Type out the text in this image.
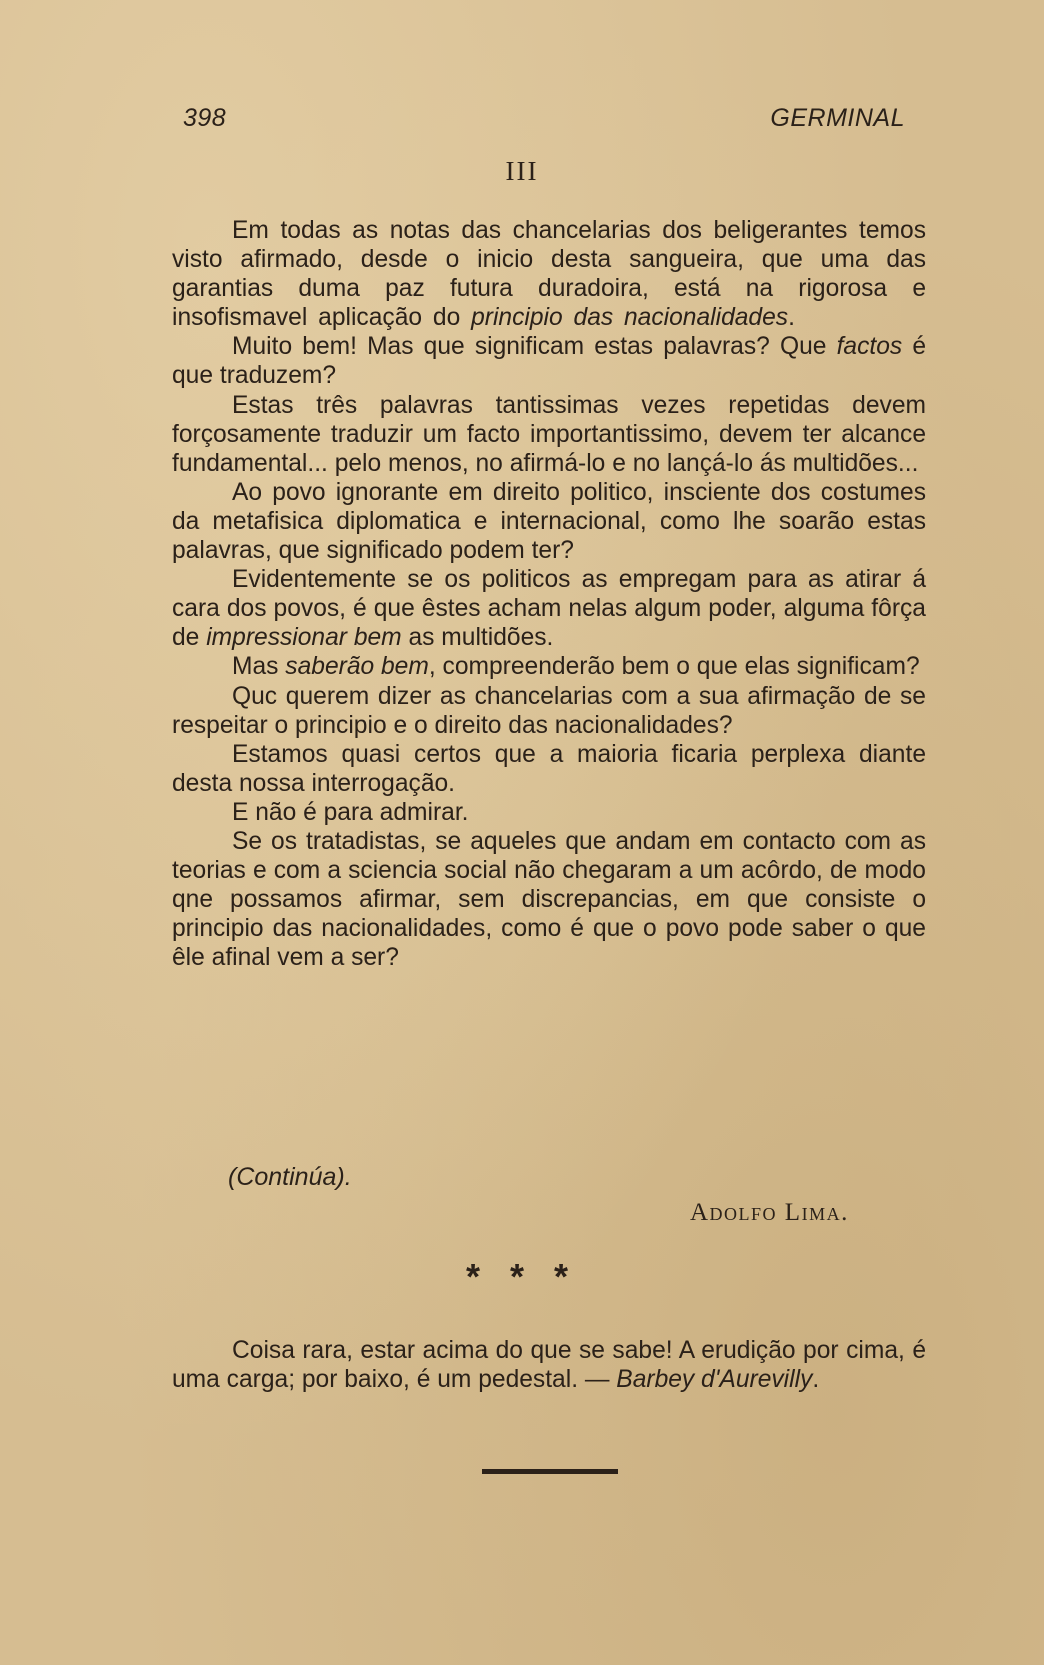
398	GERMINAL
III

Em todas as notas das chancelarias dos beligerantes temos visto afirmado, desde o inicio desta sangueira, que uma das garantias duma paz futura duradoira, está na rigorosa e insofismavel aplicação do principio das nacionalidades.

Muito bem! Mas que significam estas palavras? Que factos é que traduzem?

Estas três palavras tantissimas vezes repetidas devem forçosamente traduzir um facto importantissimo, devem ter alcance fundamental... pelo menos, no afirmá-lo e no lançá-lo ás multidões...

Ao povo ignorante em direito politico, insciente dos costumes da metafisica diplomatica e internacional, como lhe soarão estas palavras, que significado podem ter?

Evidentemente se os politicos as empregam para as atirar á cara dos povos, é que êstes acham nelas algum poder, alguma fôrça de impressionar bem as multidões.

Mas saberão bem, compreenderão bem o que elas significam?

Quc querem dizer as chancelarias com a sua afirmação de se respeitar o principio e o direito das nacionalidades?

Estamos quasi certos que a maioria ficaria perplexa diante desta nossa interrogação.

E não é para admirar.

Se os tratadistas, se aqueles que andam em contacto com as teorias e com a sciencia social não chegaram a um acôrdo, de modo qne possamos afirmar, sem discrepancias, em que consiste o principio das nacionalidades, como é que o povo pode saber o que êle afinal vem a ser?

(Continúa).
Adolfo Lima.
* * *

Coisa rara, estar acima do que se sabe! A erudição por cima, é uma carga; por baixo, é um pedestal. — Barbey d'Aurevilly.
